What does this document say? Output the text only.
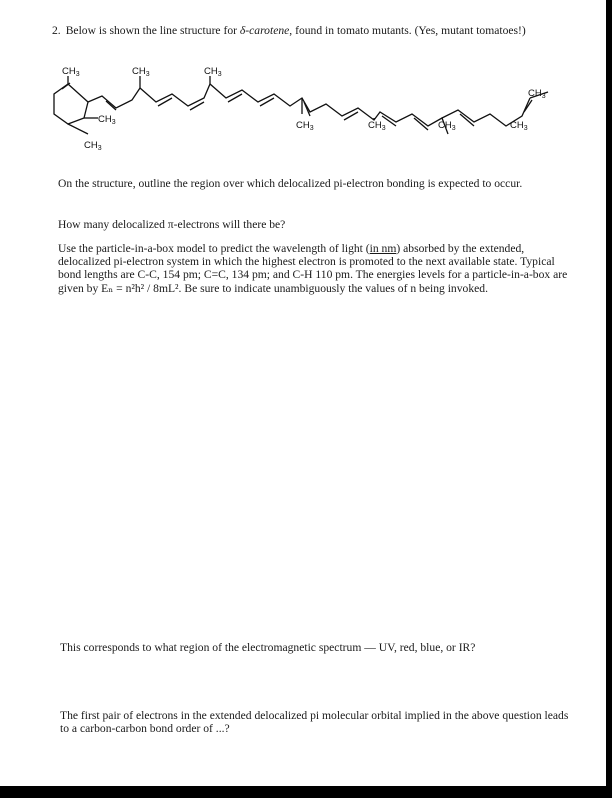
2. Below is shown the line structure for δ-carotene, found in tomato mutants. (Yes, mutant tomatoes!)
$CH_3$	$CH_3$	$CH_3$
$CH_3$
$CH_3$	$CH_3$	$CH_3$	$CH_3$	$CH_3$
$CH_3$
On the structure, outline the region over which delocalized pi-electron bonding is expected to occur.
How many delocalized π-electrons will there be?
Use the particle-in-a-box model to predict the wavelength of light (in nm) absorbed by the extended, delocalized pi-electron system in which the highest electron is promoted to the next available state. Typical bond lengths are C-C, 154 pm; C=C, 134 pm; and C-H 110 pm. The energies levels for a particle-in-a-box are given by Eₙ = n²h² / 8mL². Be sure to indicate unambiguously the values of n being invoked.
This corresponds to what region of the electromagnetic spectrum — UV, red, blue, or IR?
The first pair of electrons in the extended delocalized pi molecular orbital implied in the above question leads to a carbon-carbon bond order of ...?
